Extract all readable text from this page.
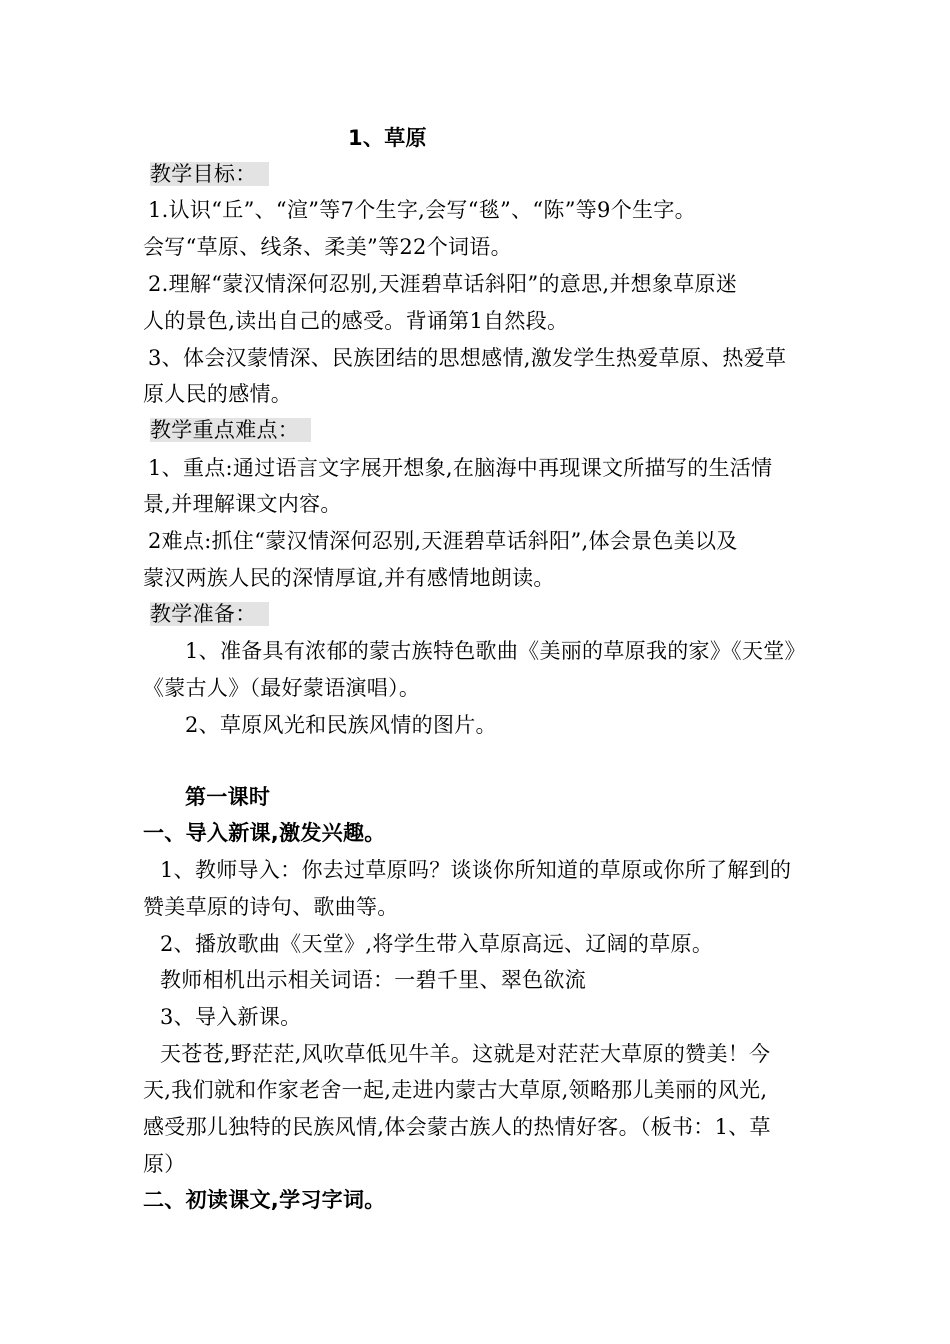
1、草原
教学目标：
1.认识“丘”、“渲”等7个生字,会写“毯”、“陈”等9个生字。
会写“草原、线条、柔美”等22个词语。
2.理解“蒙汉情深何忍别,天涯碧草话斜阳”的意思,并想象草原迷
人的景色,读出自己的感受。背诵第1自然段。
3、体会汉蒙情深、民族团结的思想感情,激发学生热爱草原、热爱草
原人民的感情。
教学重点难点：
1、重点:通过语言文字展开想象,在脑海中再现课文所描写的生活情
景,并理解课文内容。
2难点:抓住“蒙汉情深何忍别,天涯碧草话斜阳”,体会景色美以及
蒙汉两族人民的深情厚谊,并有感情地朗读。
教学准备：
1、准备具有浓郁的蒙古族特色歌曲《美丽的草原我的家》《天堂》
《蒙古人》（最好蒙语演唱）。
2、草原风光和民族风情的图片。
第一课时
一、导入新课,激发兴趣。
1、教师导入：你去过草原吗？谈谈你所知道的草原或你所了解到的
赞美草原的诗句、歌曲等。
2、播放歌曲《天堂》,将学生带入草原高远、辽阔的草原。
教师相机出示相关词语：一碧千里、翠色欲流
3、导入新课。
天苍苍,野茫茫,风吹草低见牛羊。这就是对茫茫大草原的赞美！今
天,我们就和作家老舍一起,走进内蒙古大草原,领略那儿美丽的风光,
感受那儿独特的民族风情,体会蒙古族人的热情好客。（板书：1、草
原）
二、初读课文,学习字词。
